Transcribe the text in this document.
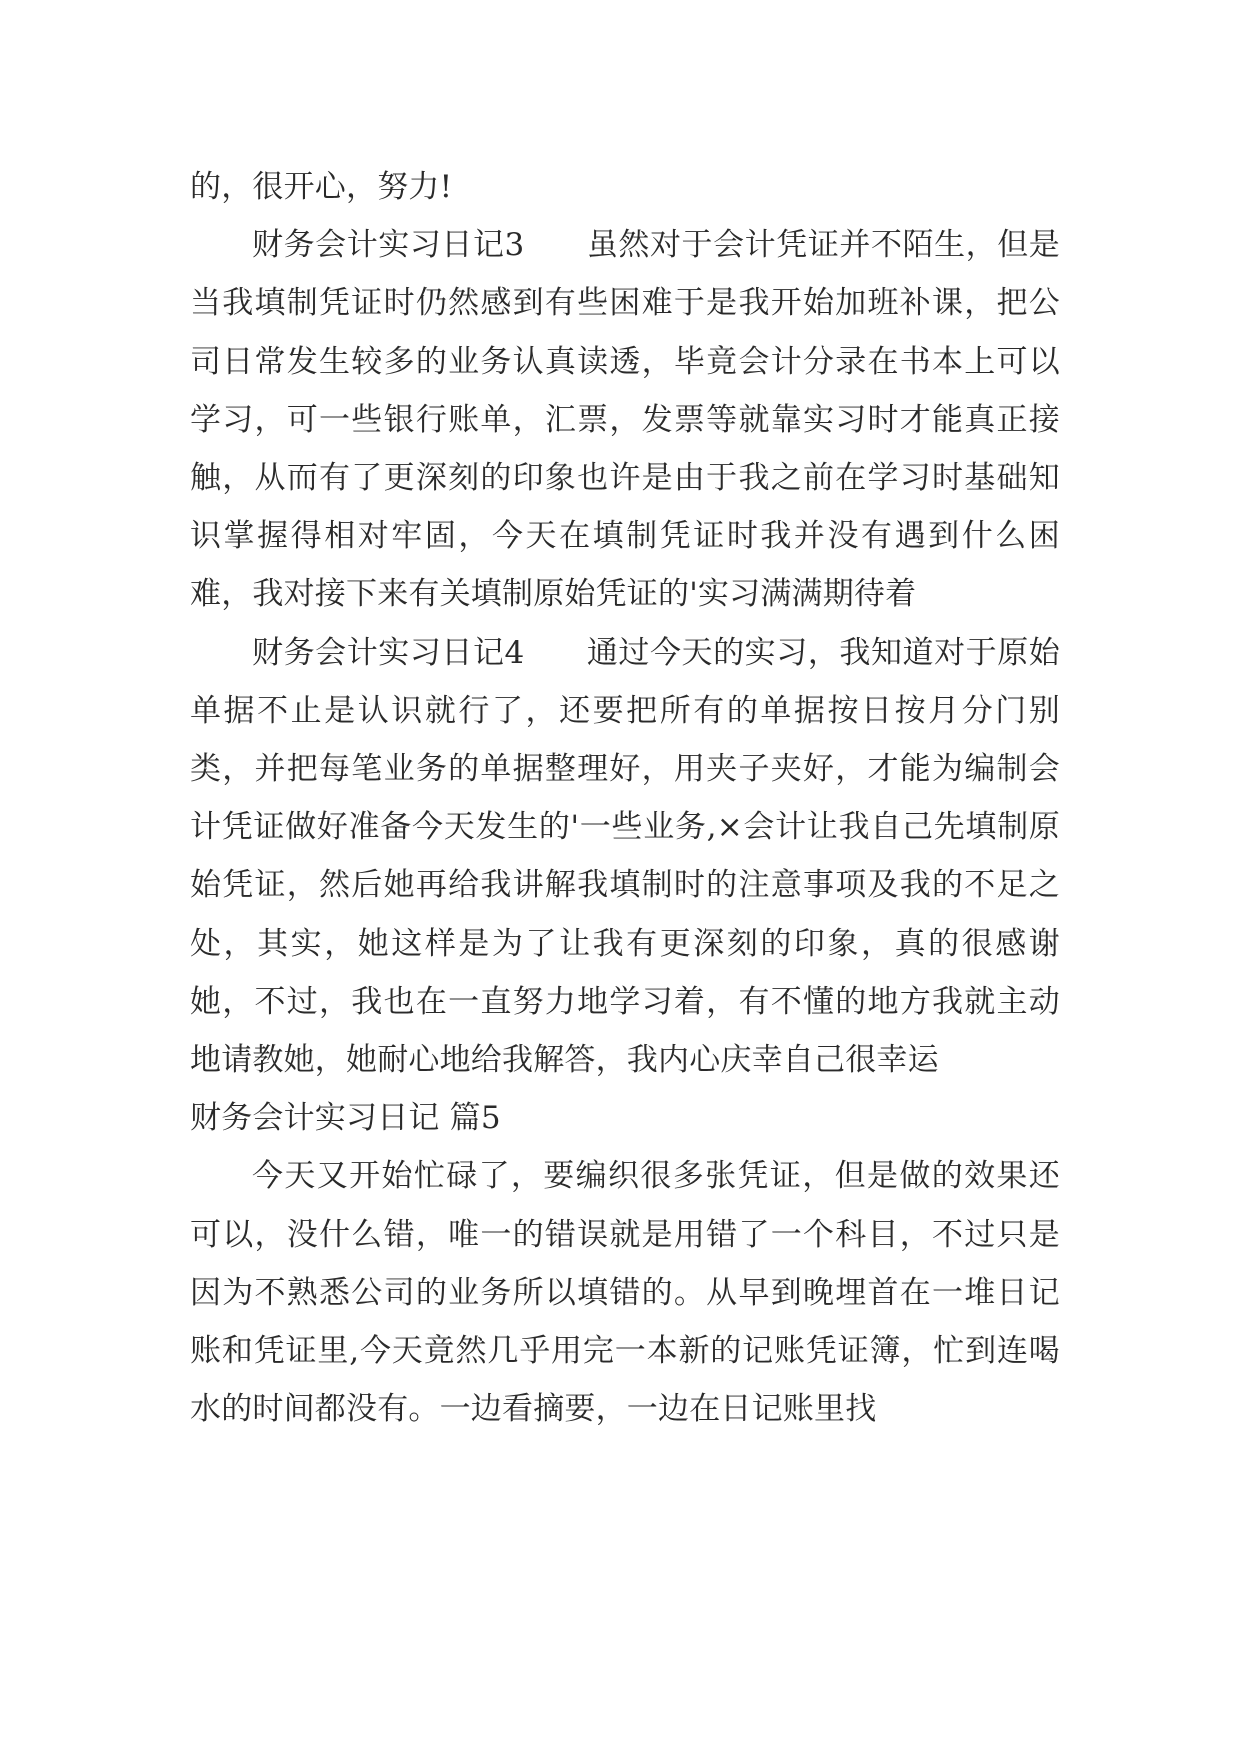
的，很开心，努力!

财务会计实习日记3 虽然对于会计凭证并不陌生，但是当我填制凭证时仍然感到有些困难于是我开始加班补课，把公司日常发生较多的业务认真读透，毕竟会计分录在书本上可以学习，可一些银行账单，汇票，发票等就靠实习时才能真正接触，从而有了更深刻的印象也许是由于我之前在学习时基础知识掌握得相对牢固，今天在填制凭证时我并没有遇到什么困难，我对接下来有关填制原始凭证的'实习满满期待着

财务会计实习日记4 通过今天的实习，我知道对于原始单据不止是认识就行了，还要把所有的单据按日按月分门别类，并把每笔业务的单据整理好，用夹子夹好，才能为编制会计凭证做好准备今天发生的'一些业务,×会计让我自己先填制原始凭证，然后她再给我讲解我填制时的注意事项及我的不足之处，其实，她这样是为了让我有更深刻的印象，真的很感谢她，不过，我也在一直努力地学习着，有不懂的地方我就主动地请教她，她耐心地给我解答，我内心庆幸自己很幸运

财务会计实习日记 篇5

今天又开始忙碌了，要编织很多张凭证，但是做的效果还可以，没什么错，唯一的错误就是用错了一个科目，不过只是因为不熟悉公司的业务所以填错的。从早到晚埋首在一堆日记账和凭证里,今天竟然几乎用完一本新的记账凭证簿，忙到连喝水的时间都没有。一边看摘要，一边在日记账里找
